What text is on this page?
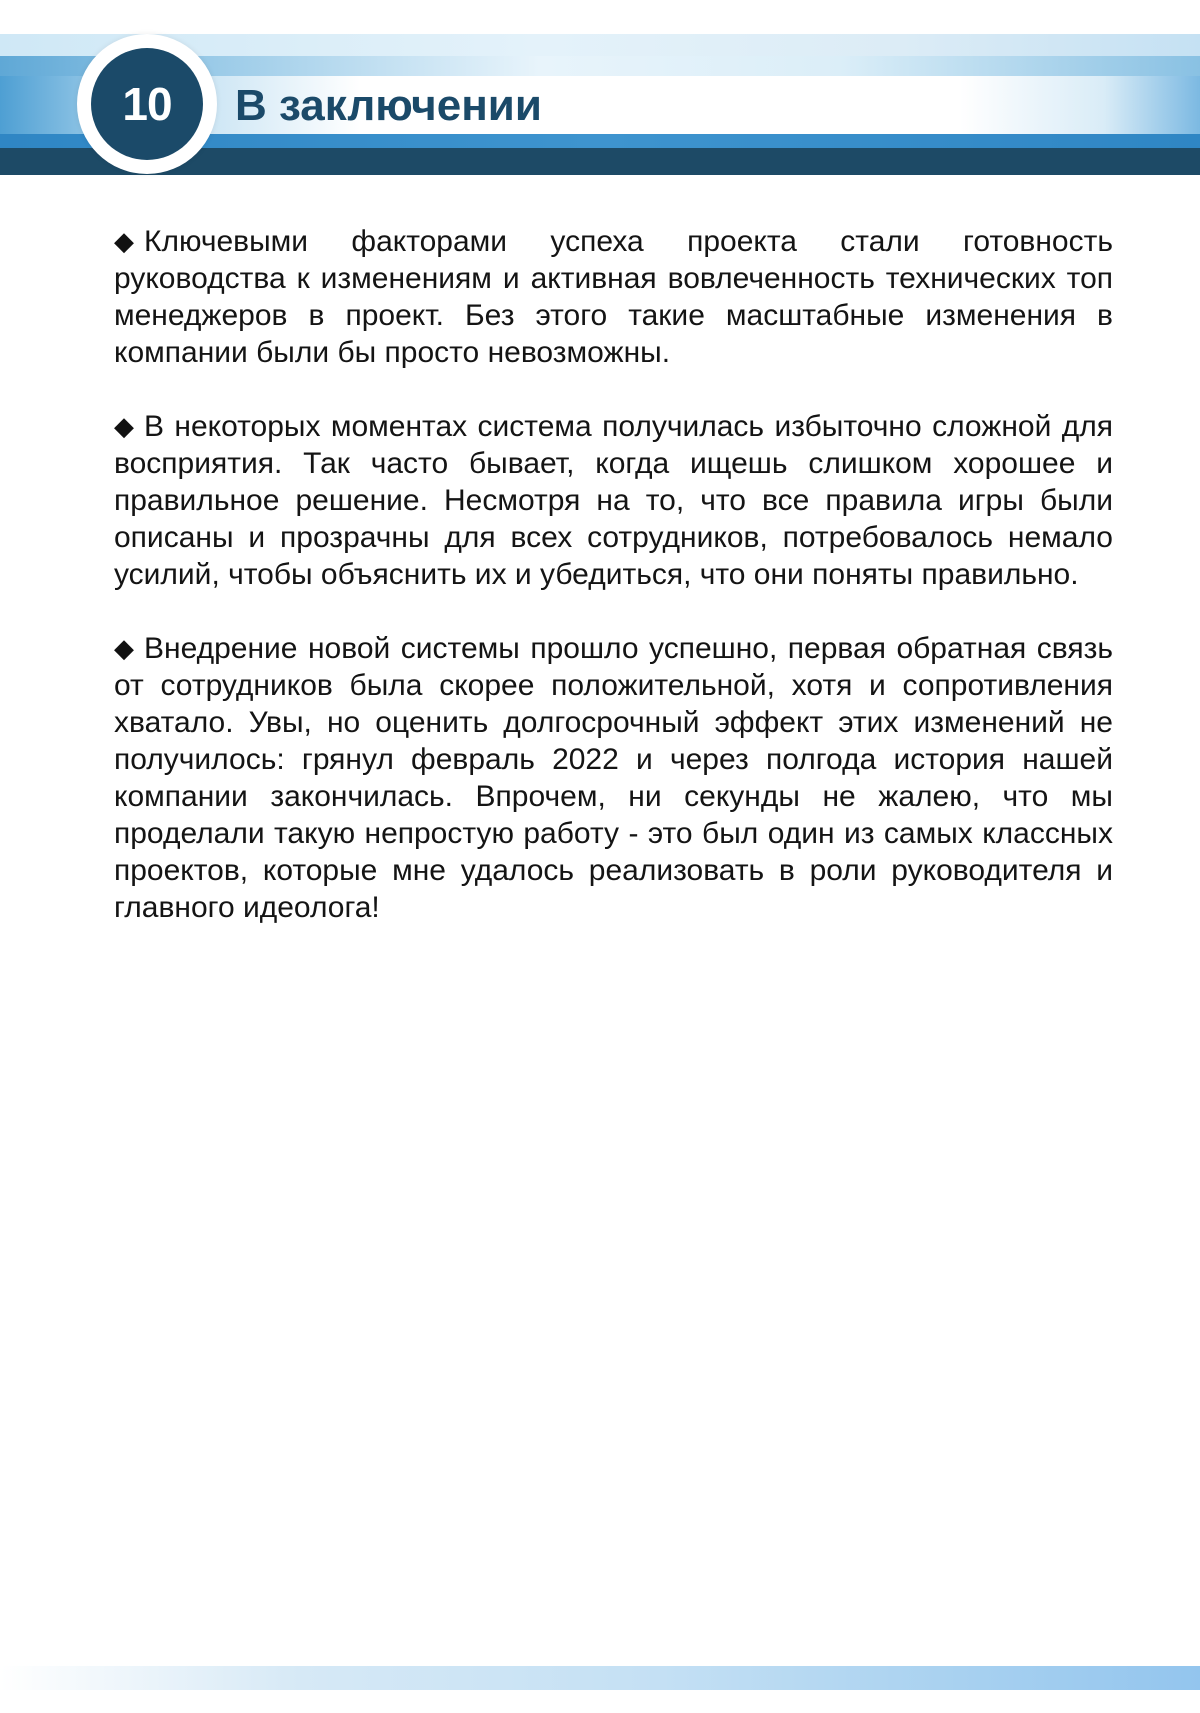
10	В заключении

◆ Ключевыми факторами успеха проекта стали готовность руководства к изменениям и активная вовлеченность технических топ менеджеров в проект. Без этого такие масштабные изменения в компании были бы просто невозможны.

◆ В некоторых моментах система получилась избыточно сложной для восприятия. Так часто бывает, когда ищешь слишком хорошее и правильное решение. Несмотря на то, что все правила игры были описаны и прозрачны для всех сотрудников, потребовалось немало усилий, чтобы объяснить их и убедиться, что они поняты правильно.

◆ Внедрение новой системы прошло успешно, первая обратная связь от сотрудников была скорее положительной, хотя и сопротивления хватало. Увы, но оценить долгосрочный эффект этих изменений не получилось: грянул февраль 2022 и через полгода история нашей компании закончилась. Впрочем, ни секунды не жалею, что мы проделали такую непростую работу - это был один из самых классных проектов, которые мне удалось реализовать в роли руководителя и главного идеолога!
